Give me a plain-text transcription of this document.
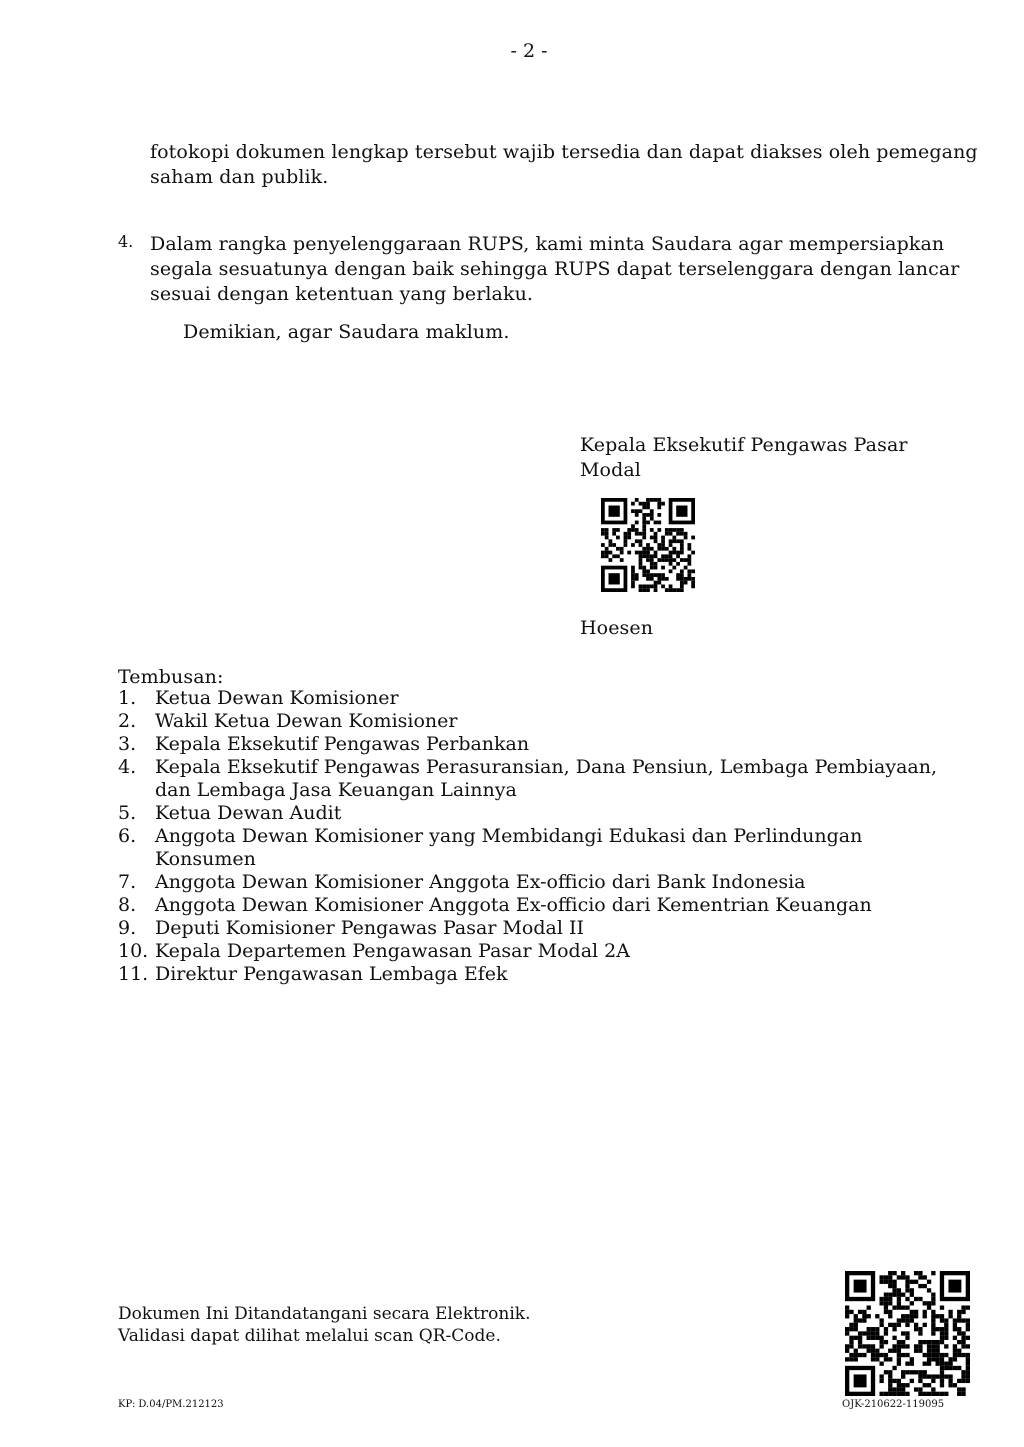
- 2 -
fotokopi dokumen lengkap tersebut wajib tersedia dan dapat diakses oleh pemegang
saham dan publik.
4. Dalam rangka penyelenggaraan RUPS, kami minta Saudara agar mempersiapkan
segala sesuatunya dengan baik sehingga RUPS dapat terselenggara dengan lancar
sesuai dengan ketentuan yang berlaku.
Demikian, agar Saudara maklum.
Kepala Eksekutif Pengawas Pasar
Modal
Hoesen
Tembusan:
1. Ketua Dewan Komisioner
2. Wakil Ketua Dewan Komisioner
3. Kepala Eksekutif Pengawas Perbankan
4. Kepala Eksekutif Pengawas Perasuransian, Dana Pensiun, Lembaga Pembiayaan,
dan Lembaga Jasa Keuangan Lainnya
5. Ketua Dewan Audit
6. Anggota Dewan Komisioner yang Membidangi Edukasi dan Perlindungan
Konsumen
7. Anggota Dewan Komisioner Anggota Ex-officio dari Bank Indonesia
8. Anggota Dewan Komisioner Anggota Ex-officio dari Kementrian Keuangan
9. Deputi Komisioner Pengawas Pasar Modal II
10. Kepala Departemen Pengawasan Pasar Modal 2A
11. Direktur Pengawasan Lembaga Efek
Dokumen Ini Ditandatangani secara Elektronik.
Validasi dapat dilihat melalui scan QR-Code.
KP: D.04/PM.212123	OJK-210622-119095
